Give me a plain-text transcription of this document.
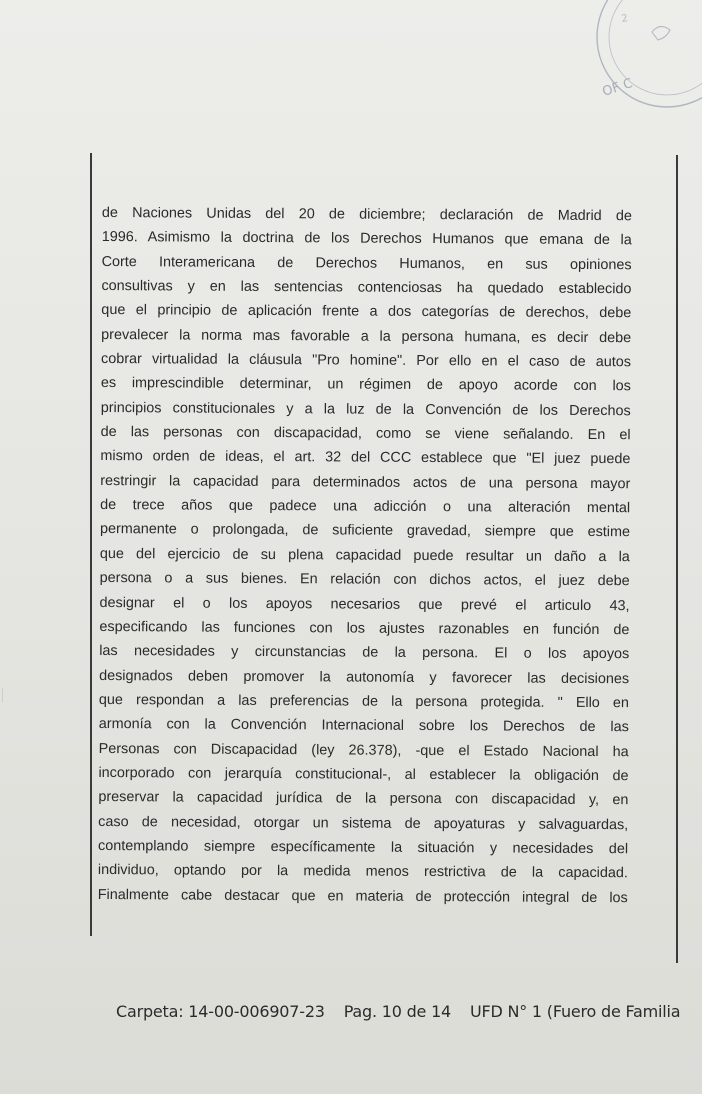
OF C
2
de Naciones Unidas del 20 de diciembre; declaración de Madrid de
1996. Asimismo la doctrina de los Derechos Humanos que emana de la
Corte Interamericana de Derechos Humanos, en sus opiniones
consultivas y en las sentencias contenciosas ha quedado establecido
que el principio de aplicación frente a dos categorías de derechos, debe
prevalecer la norma mas favorable a la persona humana, es decir debe
cobrar virtualidad la cláusula "Pro homine". Por ello en el caso de autos
es imprescindible determinar, un régimen de apoyo acorde con los
principios constitucionales y a la luz de la Convención de los Derechos
de las personas con discapacidad, como se viene señalando. En el
mismo orden de ideas, el art. 32 del CCC establece que "El juez puede
restringir la capacidad para determinados actos de una persona mayor
de trece años que padece una adicción o una alteración mental
permanente o prolongada, de suficiente gravedad, siempre que estime
que del ejercicio de su plena capacidad puede resultar un daño a la
persona o a sus bienes. En relación con dichos actos, el juez debe
designar el o los apoyos necesarios que prevé el articulo 43,
especificando las funciones con los ajustes razonables en función de
las necesidades y circunstancias de la persona. El o los apoyos
designados deben promover la autonomía y favorecer las decisiones
que respondan a las preferencias de la persona protegida. " Ello en
armonía con la Convención Internacional sobre los Derechos de las
Personas con Discapacidad (ley 26.378), -que el Estado Nacional ha
incorporado con jerarquía constitucional-, al establecer la obligación de
preservar la capacidad jurídica de la persona con discapacidad y, en
caso de necesidad, otorgar un sistema de apoyaturas y salvaguardas,
contemplando siempre específicamente la situación y necesidades del
individuo, optando por la medida menos restrictiva de la capacidad.
Finalmente cabe destacar que en materia de protección integral de los
Carpeta: 14-00-006907-23 Pag. 10 de 14 UFD N° 1 (Fuero de Familia
